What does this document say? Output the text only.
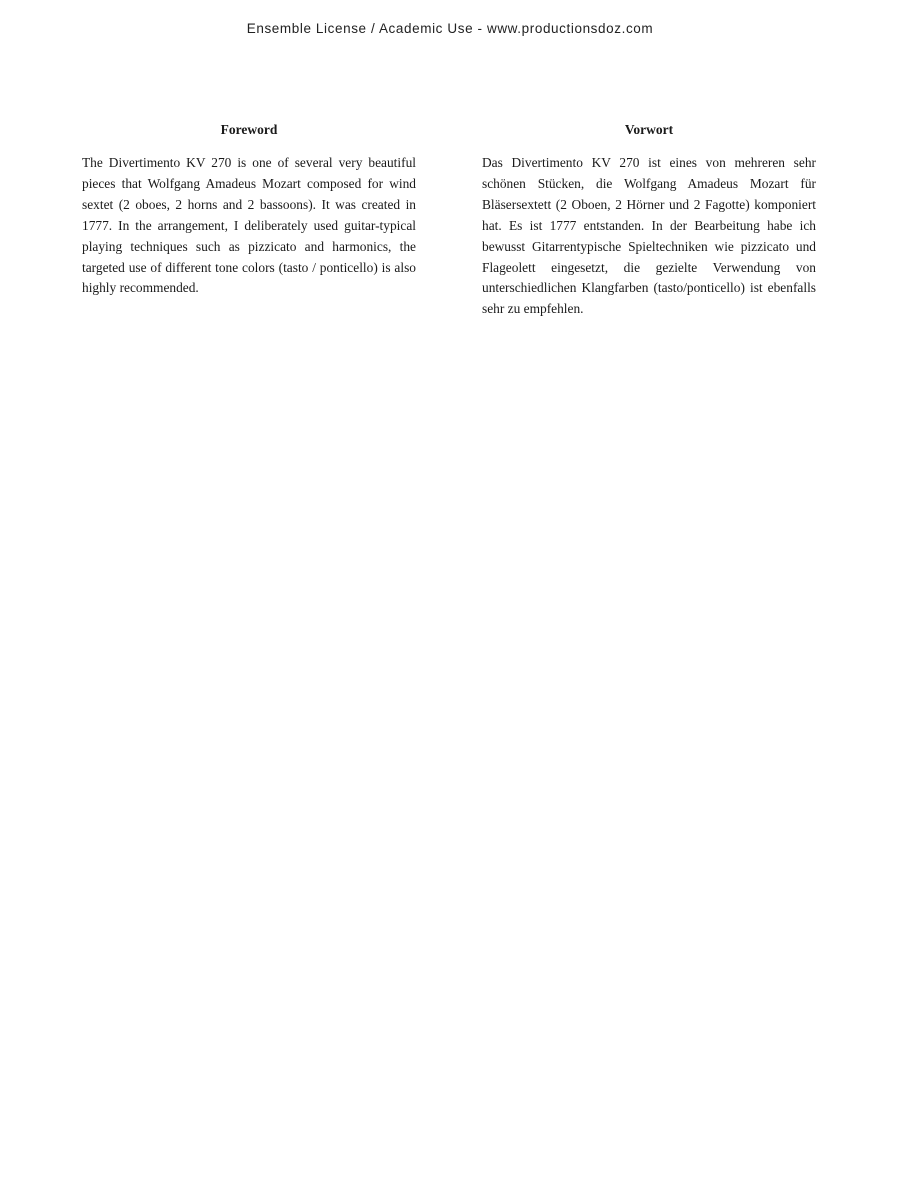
Ensemble License / Academic Use - www.productionsdoz.com
Foreword

The Divertimento KV 270 is one of several very beautiful pieces that Wolfgang Amadeus Mozart composed for wind sextet (2 oboes, 2 horns and 2 bassoons). It was created in 1777. In the arrangement, I deliberately used guitar-typical playing techniques such as pizzicato and harmonics, the targeted use of different tone colors (tasto / ponticello) is also highly recommended.

Vorwort

Das Divertimento KV 270 ist eines von mehreren sehr schönen Stücken, die Wolfgang Amadeus Mozart für Bläsersextett (2 Oboen, 2 Hörner und 2 Fagotte) komponiert hat. Es ist 1777 entstanden. In der Bearbeitung habe ich bewusst Gitarrentypische Spieltechniken wie pizzicato und Flageolett eingesetzt, die gezielte Verwendung von unterschiedlichen Klangfarben (tasto/ponticello) ist ebenfalls sehr zu empfehlen.
